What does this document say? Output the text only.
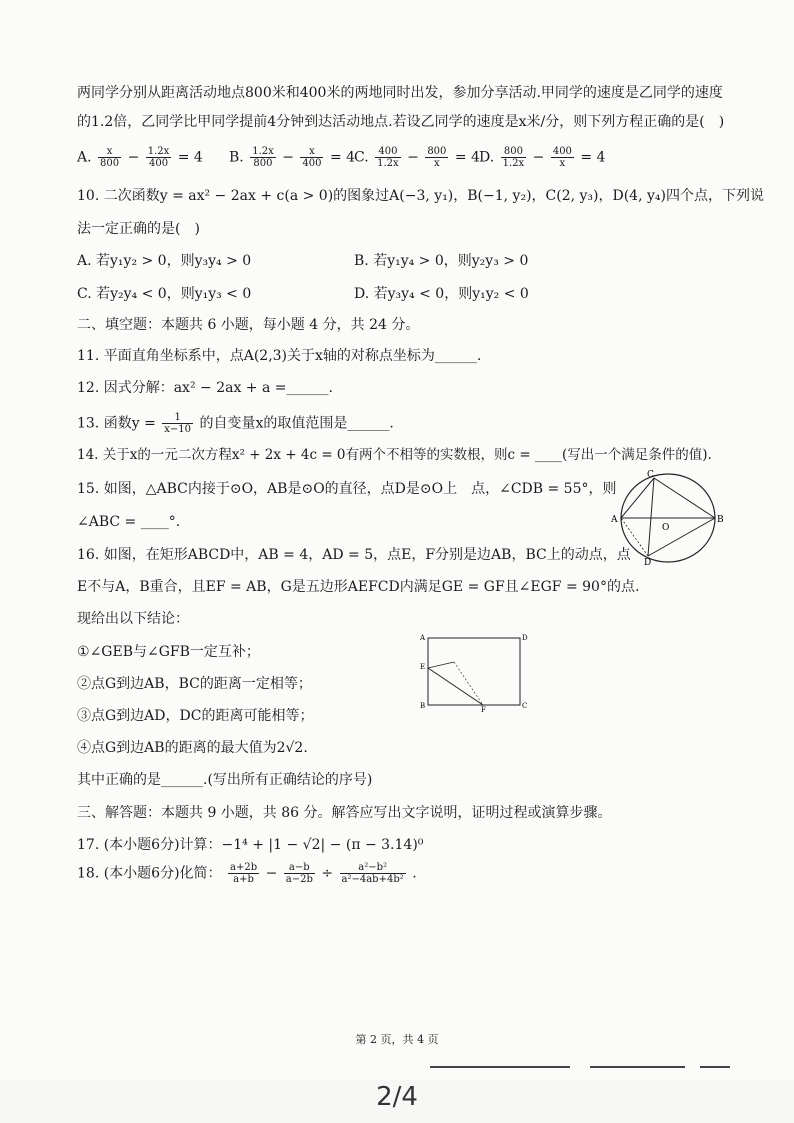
两同学分别从距离活动地点800米和400米的两地同时出发，参加分享活动.甲同学的速度是乙同学的速度
的1.2倍，乙同学比甲同学提前4分钟到达活动地点.若设乙同学的速度是x米/分，则下列方程正确的是(　)
A. $\frac{x}{800} - \frac{1.2x}{400} = 4$ B. $\frac{1.2x}{800} - \frac{x}{400} = 4$
C. $\frac{400}{1.2x} - \frac{800}{x} = 4$ D. $\frac{800}{1.2x} - \frac{400}{x} = 4$
10. 二次函数y = ax² − 2ax + c(a > 0)的图象过A(−3, y₁)，B(−1, y₂)，C(2, y₃)，D(4, y₄)四个点，下列说
法一定正确的是(　)
A. 若y₁y₂ > 0，则y₃y₄ > 0	B. 若y₁y₄ > 0，则y₂y₃ > 0
C. 若y₂y₄ < 0，则y₁y₃ < 0	D. 若y₃y₄ < 0，则y₁y₂ < 0
二、填空题：本题共 6 小题，每小题 4 分，共 24 分。
11. 平面直角坐标系中，点A(2,3)关于x轴的对称点坐标为______.
12. 因式分解：ax² − 2ax + a =______.
13. 函数$y = \frac{1}{x-10}$ 的自变量x的取值范围是______.
14. 关于x的一元二次方程x² + 2x + 4c = 0有两个不相等的实数根，则c = ____(写出一个满足条件的值).
15. 如图，△ABC内接于⊙O，AB是⊙O的直径，点D是⊙O上　点，∠CDB = 55°，则
∠ABC = ____°.
C
A	B
D
O
16. 如图，在矩形ABCD中，AB = 4，AD = 5，点E，F分别是边AB，BC上的动点，点
E不与A，B重合，且EF = AB，G是五边形AEFCD内满足GE = GF且∠EGF = 90°的点.
现给出以下结论：
①∠GEB与∠GFB一定互补；
②点G到边AB，BC的距离一定相等；
③点G到边AD，DC的距离可能相等；
④点G到边AB的距离的最大值为2√2.
其中正确的是______.(写出所有正确结论的序号)
A	D
B	C
E
F
三、解答题：本题共 9 小题，共 86 分。解答应写出文字说明，证明过程或演算步骤。
17. (本小题6分)计算：−1⁴ + |1 − √2| − (π − 3.14)⁰
18. (本小题6分)化简： $\frac{a+2b}{a+b} - \frac{a-b}{a-2b} \div \frac{\text{a²−b²}}{\text{a²−4ab+4b²}}$ .
第 2 页，共 4 页
2/4
